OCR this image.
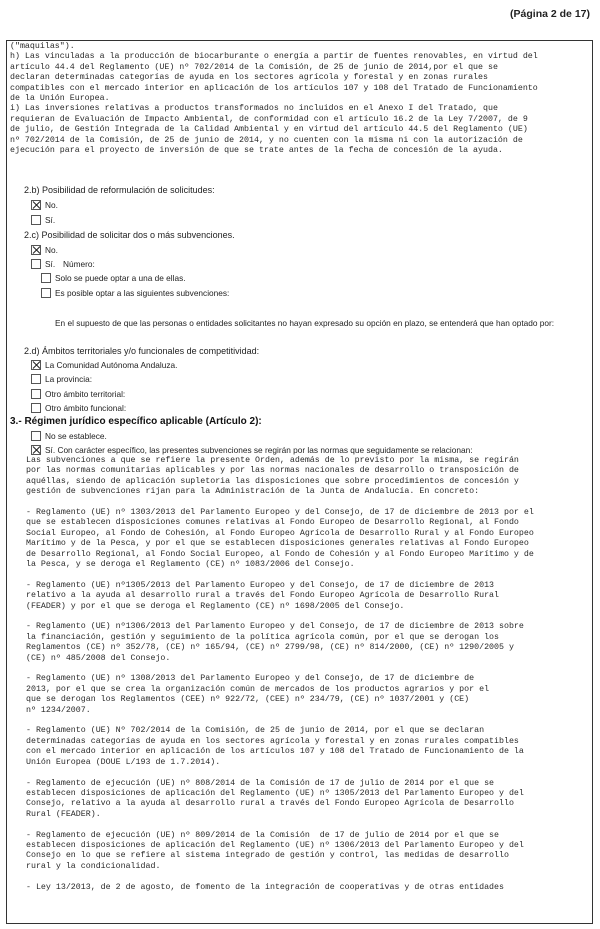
(Página 2 de 17)
("maquilas").
h) Las vinculadas a la producción de biocarburante o energía a partir de fuentes renovables, en virtud del
artículo 44.4 del Reglamento (UE) nº 702/2014 de la Comisión, de 25 de junio de 2014,por el que se
declaran determinadas categorías de ayuda en los sectores agrícola y forestal y en zonas rurales
compatibles con el mercado interior en aplicación de los artículos 107 y 108 del Tratado de Funcionamiento
de la Unión Europea.
i) Las inversiones relativas a productos transformados no incluidos en el Anexo I del Tratado, que
requieran de Evaluación de Impacto Ambiental, de conformidad con el artículo 16.2 de la Ley 7/2007, de 9
de julio, de Gestión Integrada de la Calidad Ambiental y en virtud del artículo 44.5 del Reglamento (UE)
nº 702/2014 de la Comisión, de 25 de junio de 2014, y no cuenten con la misma ni con la autorización de
ejecución para el proyecto de inversión de que se trate antes de la fecha de concesión de la ayuda.
2.b) Posibilidad de reformulación de solicitudes:
No.
Sí.
2.c) Posibilidad de solicitar dos o más subvenciones.
No.
Sí. Número:
Solo se puede optar a una de ellas.
Es posible optar a las siguientes subvenciones:
En el supuesto de que las personas o entidades solicitantes no hayan expresado su opción en plazo, se entenderá que han optado por:
2.d) Ámbitos territoriales y/o funcionales de competitividad:
La Comunidad Autónoma Andaluza.
La provincia:
Otro ámbito territorial:
Otro ámbito funcional:
3.- Régimen jurídico específico aplicable (Artículo 2):
No se establece.
Sí. Con carácter específico, las presentes subvenciones se regirán por las normas que seguidamente se relacionan:
Las subvenciones a que se refiere la presente Orden, además de lo previsto por la misma, se regirán
por las normas comunitarias aplicables y por las normas nacionales de desarrollo o transposición de
aquéllas, siendo de aplicación supletoria las disposiciones que sobre procedimientos de concesión y
gestión de subvenciones rijan para la Administración de la Junta de Andalucía. En concreto:
- Reglamento (UE) nº 1303/2013 del Parlamento Europeo y del Consejo, de 17 de diciembre de 2013 por el
que se establecen disposiciones comunes relativas al Fondo Europeo de Desarrollo Regional, al Fondo
Social Europeo, al Fondo de Cohesión, al Fondo Europeo Agrícola de Desarrollo Rural y al Fondo Europeo
Marítimo y de la Pesca, y por el que se establecen disposiciones generales relativas al Fondo Europeo
de Desarrollo Regional, al Fondo Social Europeo, al Fondo de Cohesión y al Fondo Europeo Marítimo y de
la Pesca, y se deroga el Reglamento (CE) nº 1083/2006 del Consejo.
- Reglamento (UE) nº1305/2013 del Parlamento Europeo y del Consejo, de 17 de diciembre de 2013
relativo a la ayuda al desarrollo rural a través del Fondo Europeo Agrícola de Desarrollo Rural
(FEADER) y por el que se deroga el Reglamento (CE) nº 1698/2005 del Consejo.
- Reglamento (UE) nº1306/2013 del Parlamento Europeo y del Consejo, de 17 de diciembre de 2013 sobre
la financiación, gestión y seguimiento de la política agrícola común, por el que se derogan los
Reglamentos (CE) nº 352/78, (CE) nº 165/94, (CE) nº 2799/98, (CE) nº 814/2000, (CE) nº 1290/2005 y
(CE) nº 485/2008 del Consejo.
- Reglamento (UE) nº 1308/2013 del Parlamento Europeo y del Consejo, de 17 de diciembre de
2013, por el que se crea la organización común de mercados de los productos agrarios y por el
que se derogan los Reglamentos (CEE) nº 922/72, (CEE) nº 234/79, (CE) nº 1037/2001 y (CE)
nº 1234/2007.
- Reglamento (UE) Nº 702/2014 de la Comisión, de 25 de junio de 2014, por el que se declaran
determinadas categorías de ayuda en los sectores agrícola y forestal y en zonas rurales compatibles
con el mercado interior en aplicación de los artículos 107 y 108 del Tratado de Funcionamiento de la
Unión Europea (DOUE L/193 de 1.7.2014).
- Reglamento de ejecución (UE) nº 808/2014 de la Comisión de 17 de julio de 2014 por el que se
establecen disposiciones de aplicación del Reglamento (UE) nº 1305/2013 del Parlamento Europeo y del
Consejo, relativo a la ayuda al desarrollo rural a través del Fondo Europeo Agrícola de Desarrollo
Rural (FEADER).
- Reglamento de ejecución (UE) nº 809/2014 de la Comisión  de 17 de julio de 2014 por el que se
establecen disposiciones de aplicación del Reglamento (UE) nº 1306/2013 del Parlamento Europeo y del
Consejo en lo que se refiere al sistema integrado de gestión y control, las medidas de desarrollo
rural y la condicionalidad.
- Ley 13/2013, de 2 de agosto, de fomento de la integración de cooperativas y de otras entidades
